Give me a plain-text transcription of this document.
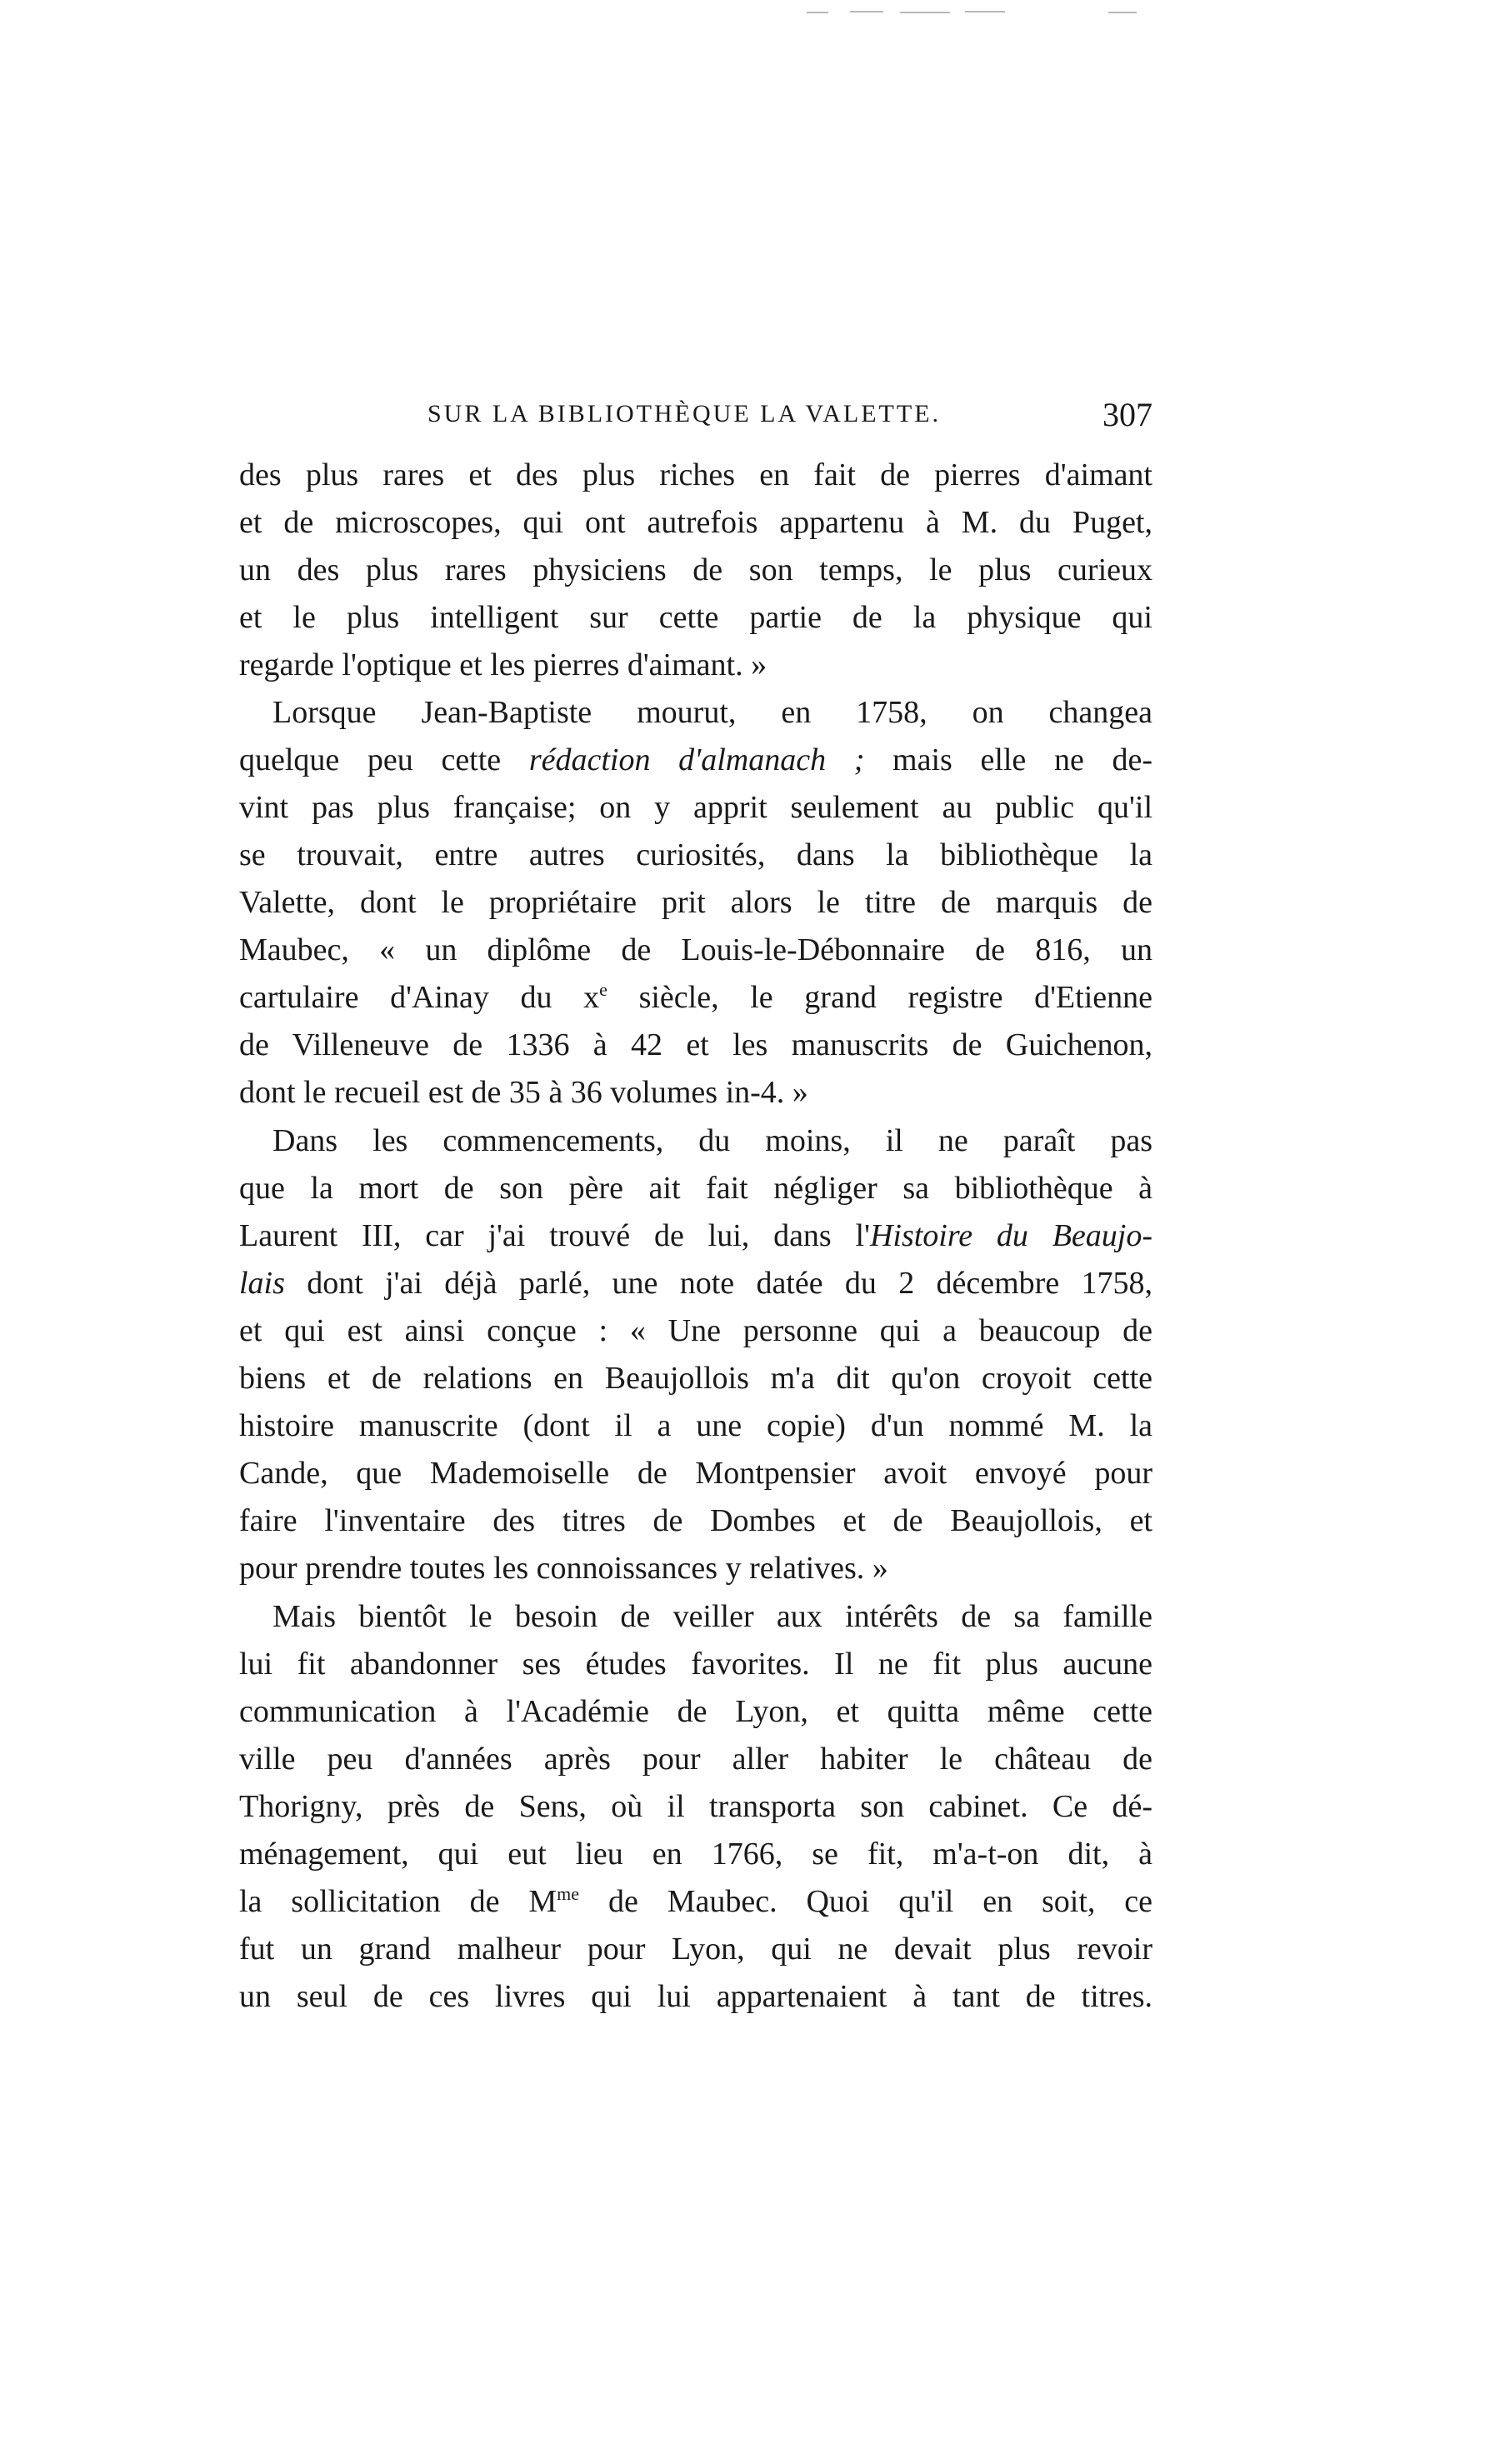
SUR LA BIBLIOTHÈQUE LA VALETTE.	307
des plus rares et des plus riches en fait de pierres d'aimant
et de microscopes, qui ont autrefois appartenu à M. du Puget,
un des plus rares physiciens de son temps, le plus curieux
et le plus intelligent sur cette partie de la physique qui
regarde l'optique et les pierres d'aimant. »
Lorsque Jean-Baptiste mourut, en 1758, on changea
quelque peu cette rédaction d'almanach ; mais elle ne de-
vint pas plus française; on y apprit seulement au public qu'il
se trouvait, entre autres curiosités, dans la bibliothèque la
Valette, dont le propriétaire prit alors le titre de marquis de
Maubec, « un diplôme de Louis-le-Débonnaire de 816, un
cartulaire d'Ainay du $x^e$ siècle, le grand registre d'Etienne
de Villeneuve de 1336 à 42 et les manuscrits de Guichenon,
dont le recueil est de 35 à 36 volumes in-4. »
Dans les commencements, du moins, il ne paraît pas
que la mort de son père ait fait négliger sa bibliothèque à
Laurent III, car j'ai trouvé de lui, dans l'Histoire du Beaujo-
lais dont j'ai déjà parlé, une note datée du 2 décembre 1758,
et qui est ainsi conçue : « Une personne qui a beaucoup de
biens et de relations en Beaujollois m'a dit qu'on croyoit cette
histoire manuscrite (dont il a une copie) d'un nommé M. la
Cande, que Mademoiselle de Montpensier avoit envoyé pour
faire l'inventaire des titres de Dombes et de Beaujollois, et
pour prendre toutes les connoissances y relatives. »
Mais bientôt le besoin de veiller aux intérêts de sa famille
lui fit abandonner ses études favorites. Il ne fit plus aucune
communication à l'Académie de Lyon, et quitta même cette
ville peu d'années après pour aller habiter le château de
Thorigny, près de Sens, où il transporta son cabinet. Ce dé-
ménagement, qui eut lieu en 1766, se fit, m'a-t-on dit, à
la sollicitation de $M^{me}$ de Maubec. Quoi qu'il en soit, ce
fut un grand malheur pour Lyon, qui ne devait plus revoir
un seul de ces livres qui lui appartenaient à tant de titres.
